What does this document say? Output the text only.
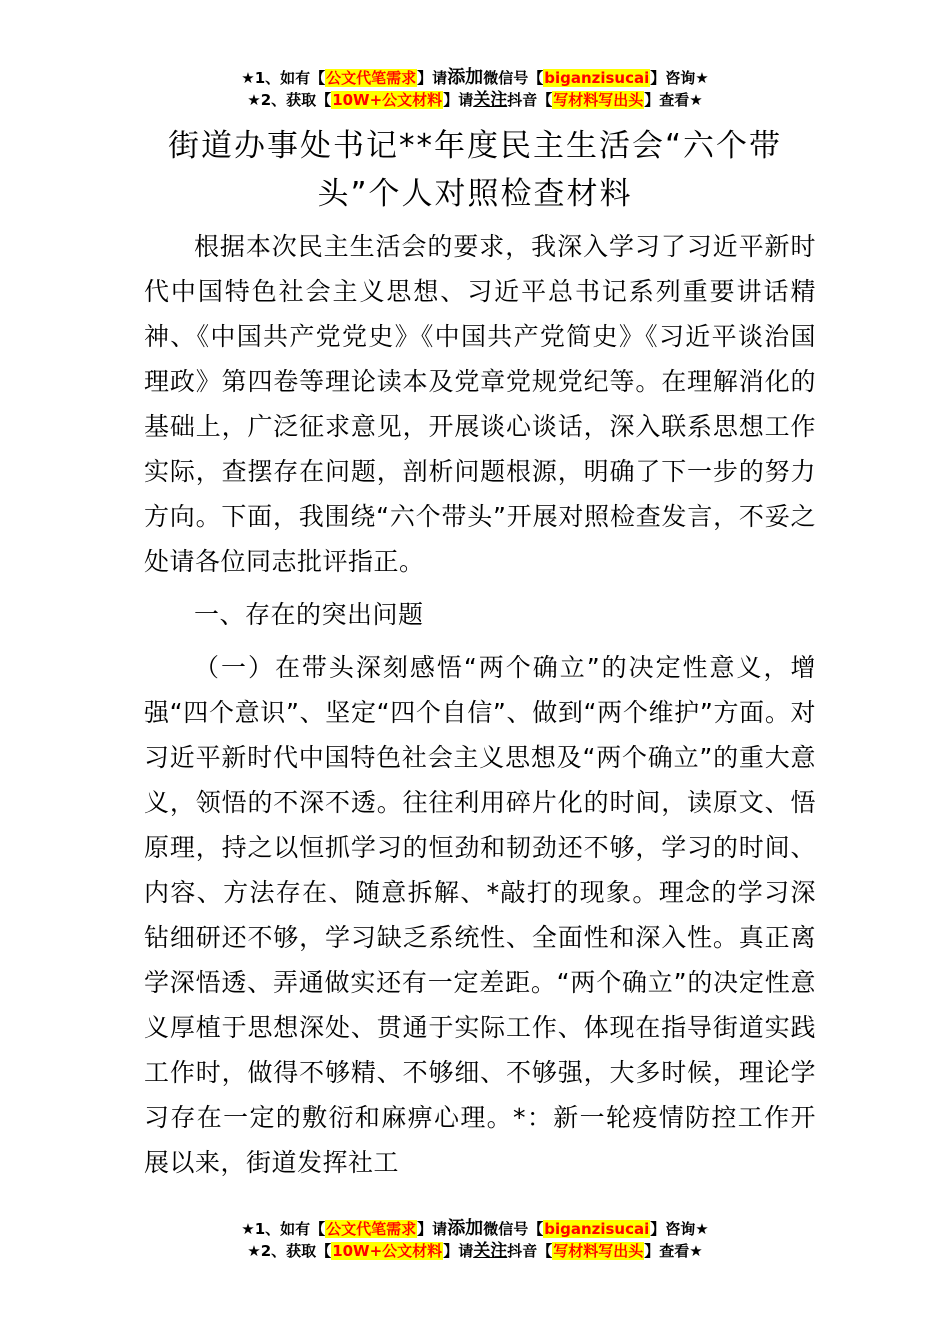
★1、如有【公文代笔需求】请添加微信号【biganzisucai】咨询★
★2、获取【10W+公文材料】请关注抖音【写材料写出头】查看★
街道办事处书记**年度民主生活会“六个带头”个人对照检查材料

根据本次民主生活会的要求，我深入学习了习近平新时代中国特色社会主义思想、习近平总书记系列重要讲话精神、《中国共产党党史》《中国共产党简史》《习近平谈治国理政》第四卷等理论读本及党章党规党纪等。在理解消化的基础上，广泛征求意见，开展谈心谈话，深入联系思想工作实际，查摆存在问题，剖析问题根源，明确了下一步的努力方向。下面，我围绕“六个带头”开展对照检查发言，不妥之处请各位同志批评指正。

一、存在的突出问题

（一）在带头深刻感悟“两个确立”的决定性意义，增强“四个意识”、坚定“四个自信”、做到“两个维护”方面。对习近平新时代中国特色社会主义思想及“两个确立”的重大意义，领悟的不深不透。往往利用碎片化的时间，读原文、悟原理，持之以恒抓学习的恒劲和韧劲还不够，学习的时间、内容、方法存在、随意拆解、*敲打的现象。理念的学习深钻细研还不够，学习缺乏系统性、全面性和深入性。真正离学深悟透、弄通做实还有一定差距。“两个确立”的决定性意义厚植于思想深处、贯通于实际工作、体现在指导街道实践工作时，做得不够精、不够细、不够强，大多时候，理论学习存在一定的敷衍和麻痹心理。*：新一轮疫情防控工作开展以来，街道发挥社工

★1、如有【公文代笔需求】请添加微信号【biganzisucai】咨询★
★2、获取【10W+公文材料】请关注抖音【写材料写出头】查看★
